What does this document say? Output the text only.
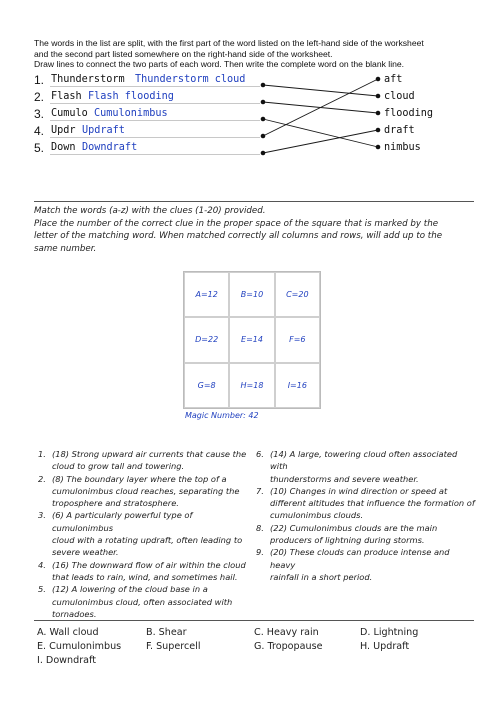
The words in the list are split, with the first part of the word listed on the left-hand side of the worksheet
and the second part listed somewhere on the right-hand side of the worksheet.
Draw lines to connect the two parts of each word. Then write the complete word on the blank line.
1. Thunderstorm Thunderstorm cloud
2. Flash Flash flooding
3. Cumulo Cumulonimbus
4. Updr Updraft
5. Down Downdraft
aft
cloud
flooding
draft
nimbus
Match the words (a-z) with the clues (1-20) provided.
Place the number of the correct clue in the proper space of the square that is marked by the
letter of the matching word. When matched correctly all columns and rows, will add up to the
same number.
A=12	B=10	C=20
D=22	E=14	F=6
G=8	H=18	I=16
Magic Number: 42
1. (18) Strong upward air currents that cause the
cloud to grow tall and towering.
2. (8) The boundary layer where the top of a
cumulonimbus cloud reaches, separating the
troposphere and stratosphere.
3. (6) A particularly powerful type of cumulonimbus
cloud with a rotating updraft, often leading to
severe weather.
4. (16) The downward flow of air within the cloud
that leads to rain, wind, and sometimes hail.
5. (12) A lowering of the cloud base in a
cumulonimbus cloud, often associated with
tornadoes.
6. (14) A large, towering cloud often associated with
thunderstorms and severe weather.
7. (10) Changes in wind direction or speed at
different altitudes that influence the formation of
cumulonimbus clouds.
8. (22) Cumulonimbus clouds are the main
producers of lightning during storms.
9. (20) These clouds can produce intense and heavy
rainfall in a short period.
A. Wall cloud	B. Shear	C. Heavy rain	D. Lightning
E. Cumulonimbus	F. Supercell	G. Tropopause	H. Updraft
I. Downdraft
